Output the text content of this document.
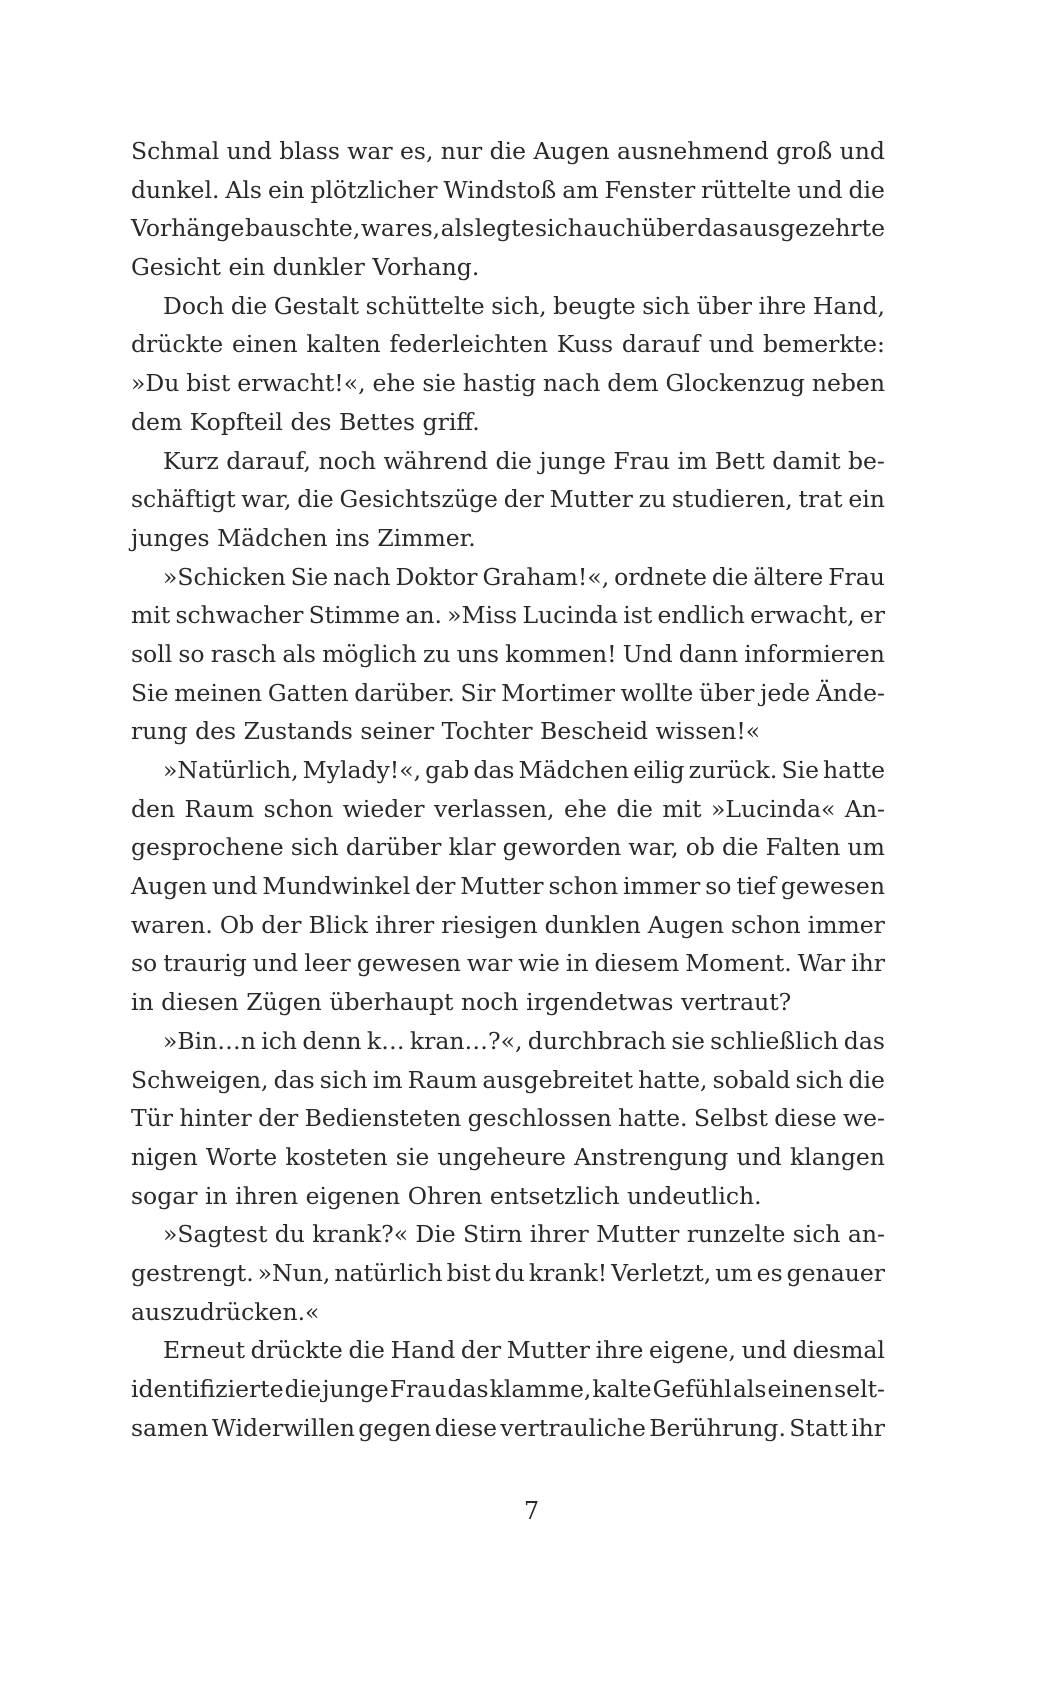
Schmal und blass war es, nur die Augen ausnehmend groß und
dunkel. Als ein plötzlicher Windstoß am Fenster rüttelte und die
Vorhänge bauschte, war es, als legte sich auch über das ausgezehrte
Gesicht ein dunkler Vorhang.
Doch die Gestalt schüttelte sich, beugte sich über ihre Hand,
drückte einen kalten federleichten Kuss darauf und bemerkte:
»Du bist erwacht!«, ehe sie hastig nach dem Glockenzug neben
dem Kopfteil des Bettes griff.
Kurz darauf, noch während die junge Frau im Bett damit be-
schäftigt war, die Gesichtszüge der Mutter zu studieren, trat ein
junges Mädchen ins Zimmer.
»Schicken Sie nach Doktor Graham!«, ordnete die ältere Frau
mit schwacher Stimme an. »Miss Lucinda ist endlich erwacht, er
soll so rasch als möglich zu uns kommen! Und dann informieren
Sie meinen Gatten darüber. Sir Mortimer wollte über jede Ände-
rung des Zustands seiner Tochter Bescheid wissen!«
»Natürlich, Mylady!«, gab das Mädchen eilig zurück. Sie hatte
den Raum schon wieder verlassen, ehe die mit »Lucinda« An-
gesprochene sich darüber klar geworden war, ob die Falten um
Augen und Mundwinkel der Mutter schon immer so tief gewesen
waren. Ob der Blick ihrer riesigen dunklen Augen schon immer
so traurig und leer gewesen war wie in diesem Moment. War ihr
in diesen Zügen überhaupt noch irgendetwas vertraut?
»Bin…n ich denn k… kran…?«, durchbrach sie schließlich das
Schweigen, das sich im Raum ausgebreitet hatte, sobald sich die
Tür hinter der Bediensteten geschlossen hatte. Selbst diese we-
nigen Worte kosteten sie ungeheure Anstrengung und klangen
sogar in ihren eigenen Ohren entsetzlich undeutlich.
»Sagtest du krank?« Die Stirn ihrer Mutter runzelte sich an-
gestrengt. »Nun, natürlich bist du krank! Verletzt, um es genauer
auszudrücken.«
Erneut drückte die Hand der Mutter ihre eigene, und diesmal
identifizierte die junge Frau das klamme, kalte Gefühl als einen selt-
samen Widerwillen gegen diese vertrauliche Berührung. Statt ihr
7
